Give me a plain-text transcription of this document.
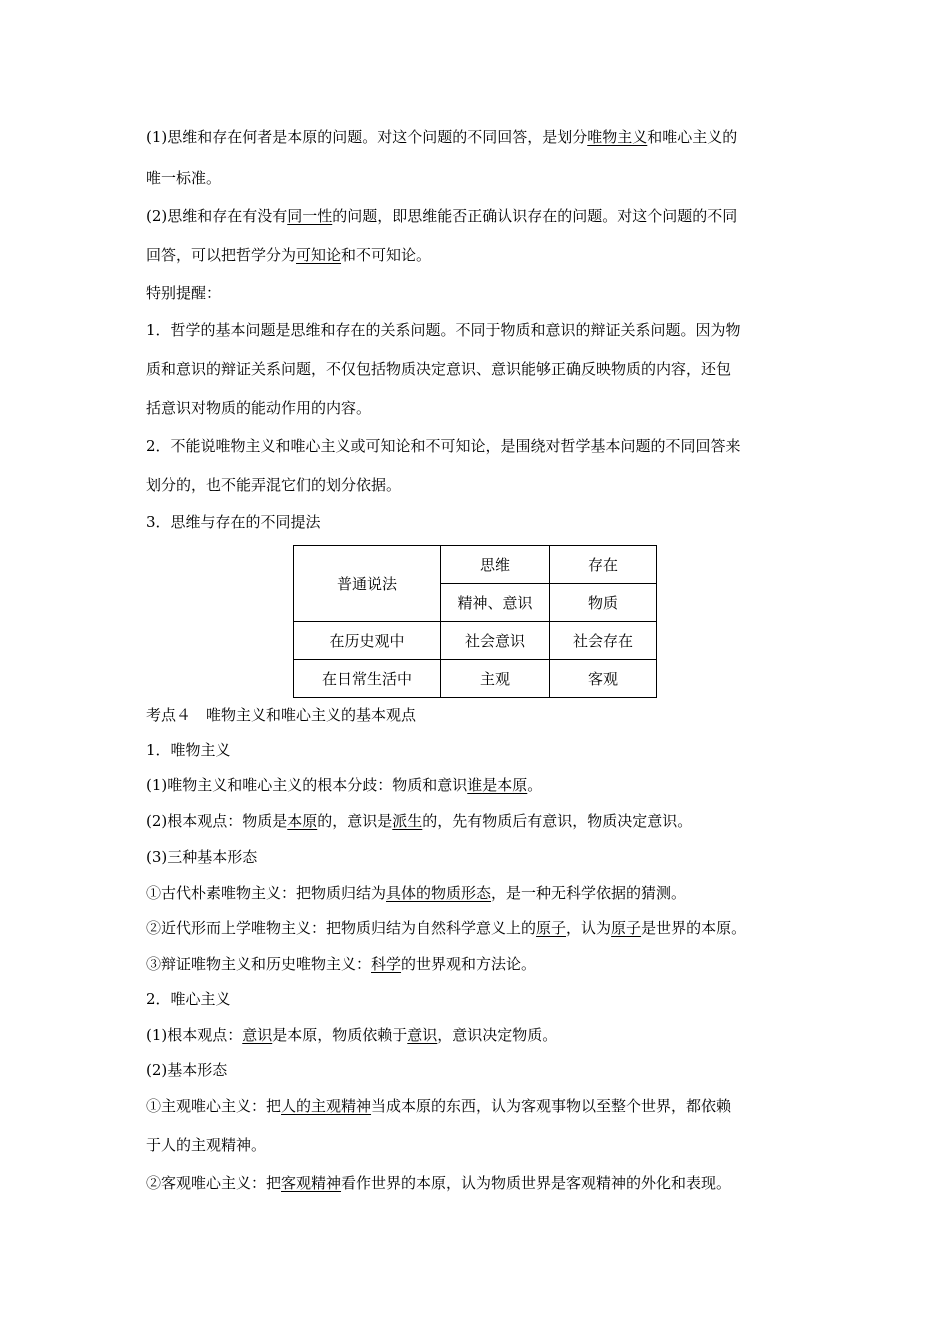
(1)思维和存在何者是本原的问题。对这个问题的不同回答，是划分唯物主义和唯心主义的
唯一标准。
(2)思维和存在有没有同一性的问题，即思维能否正确认识存在的问题。对这个问题的不同
回答，可以把哲学分为可知论和不可知论。
特别提醒：
1．哲学的基本问题是思维和存在的关系问题。不同于物质和意识的辩证关系问题。因为物
质和意识的辩证关系问题，不仅包括物质决定意识、意识能够正确反映物质的内容，还包
括意识对物质的能动作用的内容。
2．不能说唯物主义和唯心主义或可知论和不可知论，是围绕对哲学基本问题的不同回答来
划分的，也不能弄混它们的划分依据。
3．思维与存在的不同提法
普通说法	思维	存在
	精神、意识	物质
在历史观中	社会意识	社会存在
在日常生活中	主观	客观
考点４　唯物主义和唯心主义的基本观点
1．唯物主义
(1)唯物主义和唯心主义的根本分歧：物质和意识谁是本原。
(2)根本观点：物质是本原的，意识是派生的，先有物质后有意识，物质决定意识。
(3)三种基本形态
①古代朴素唯物主义：把物质归结为具体的物质形态，是一种无科学依据的猜测。
②近代形而上学唯物主义：把物质归结为自然科学意义上的原子，认为原子是世界的本原。
③辩证唯物主义和历史唯物主义：科学的世界观和方法论。
2．唯心主义
(1)根本观点：意识是本原，物质依赖于意识，意识决定物质。
(2)基本形态
①主观唯心主义：把人的主观精神当成本原的东西，认为客观事物以至整个世界，都依赖
于人的主观精神。
②客观唯心主义：把客观精神看作世界的本原，认为物质世界是客观精神的外化和表现。
